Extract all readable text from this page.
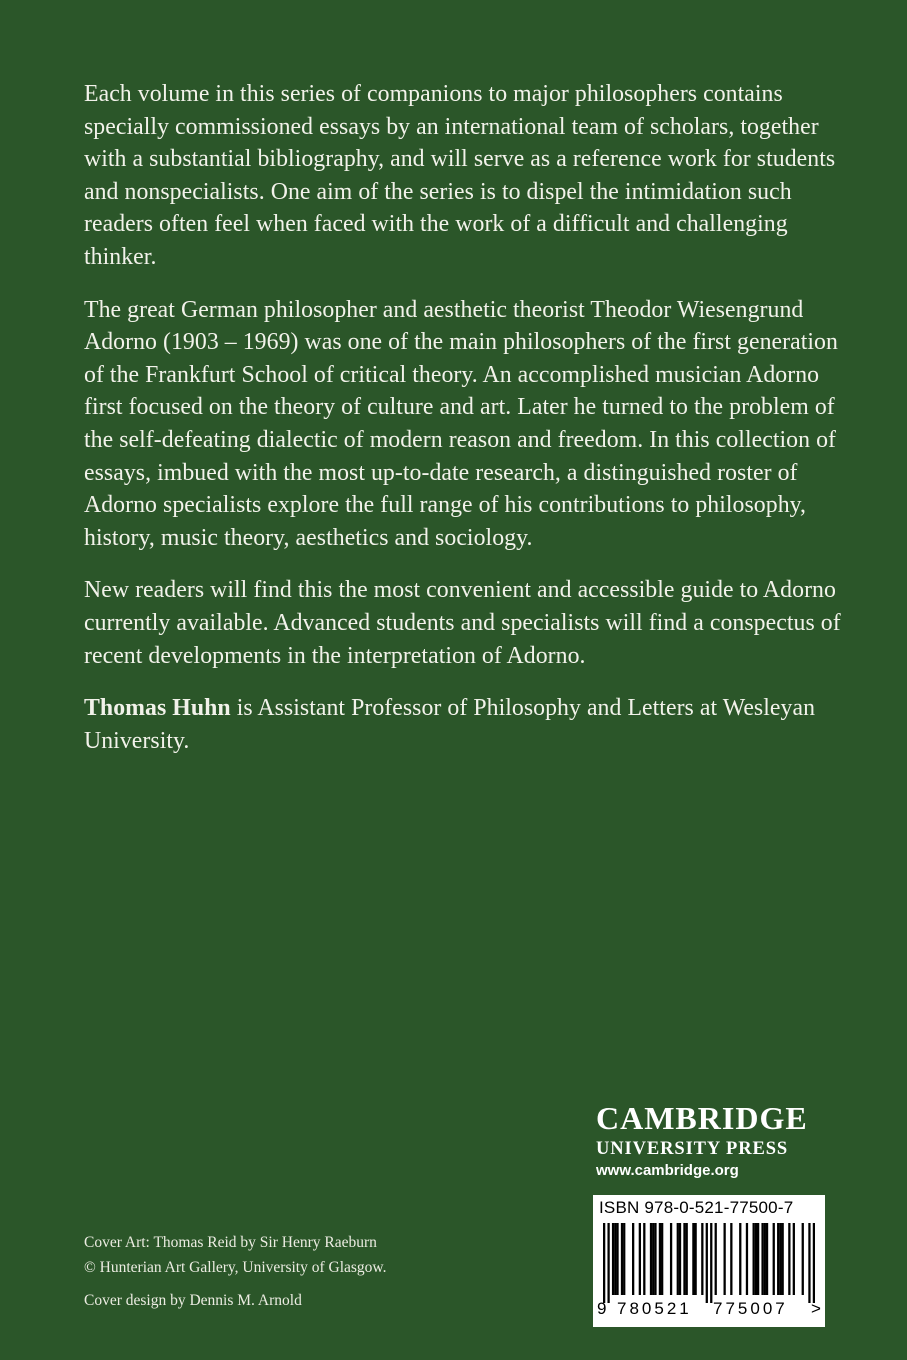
Each volume in this series of companions to major philosophers contains specially commissioned essays by an international team of scholars, together with a substantial bibliography, and will serve as a reference work for students and nonspecialists. One aim of the series is to dispel the intimidation such readers often feel when faced with the work of a difficult and challenging thinker.

The great German philosopher and aesthetic theorist Theodor Wiesengrund Adorno (1903 – 1969) was one of the main philosophers of the first generation of the Frankfurt School of critical theory. An accomplished musician Adorno first focused on the theory of culture and art. Later he turned to the problem of the self-defeating dialectic of modern reason and freedom. In this collection of essays, imbued with the most up-to-date research, a distinguished roster of Adorno specialists explore the full range of his contributions to philosophy, history, music theory, aesthetics and sociology.

New readers will find this the most convenient and accessible guide to Adorno currently available. Advanced students and specialists will find a conspectus of recent developments in the interpretation of Adorno.

Thomas Huhn is Assistant Professor of Philosophy and Letters at Wesleyan University.

Cover Art: Thomas Reid by Sir Henry Raeburn
© Hunterian Art Gallery, University of Glasgow.
Cover design by Dennis M. Arnold
CAMBRIDGE
UNIVERSITY PRESS
www.cambridge.org
ISBN 978-0-521-77500-7
9 780521 775007 >
